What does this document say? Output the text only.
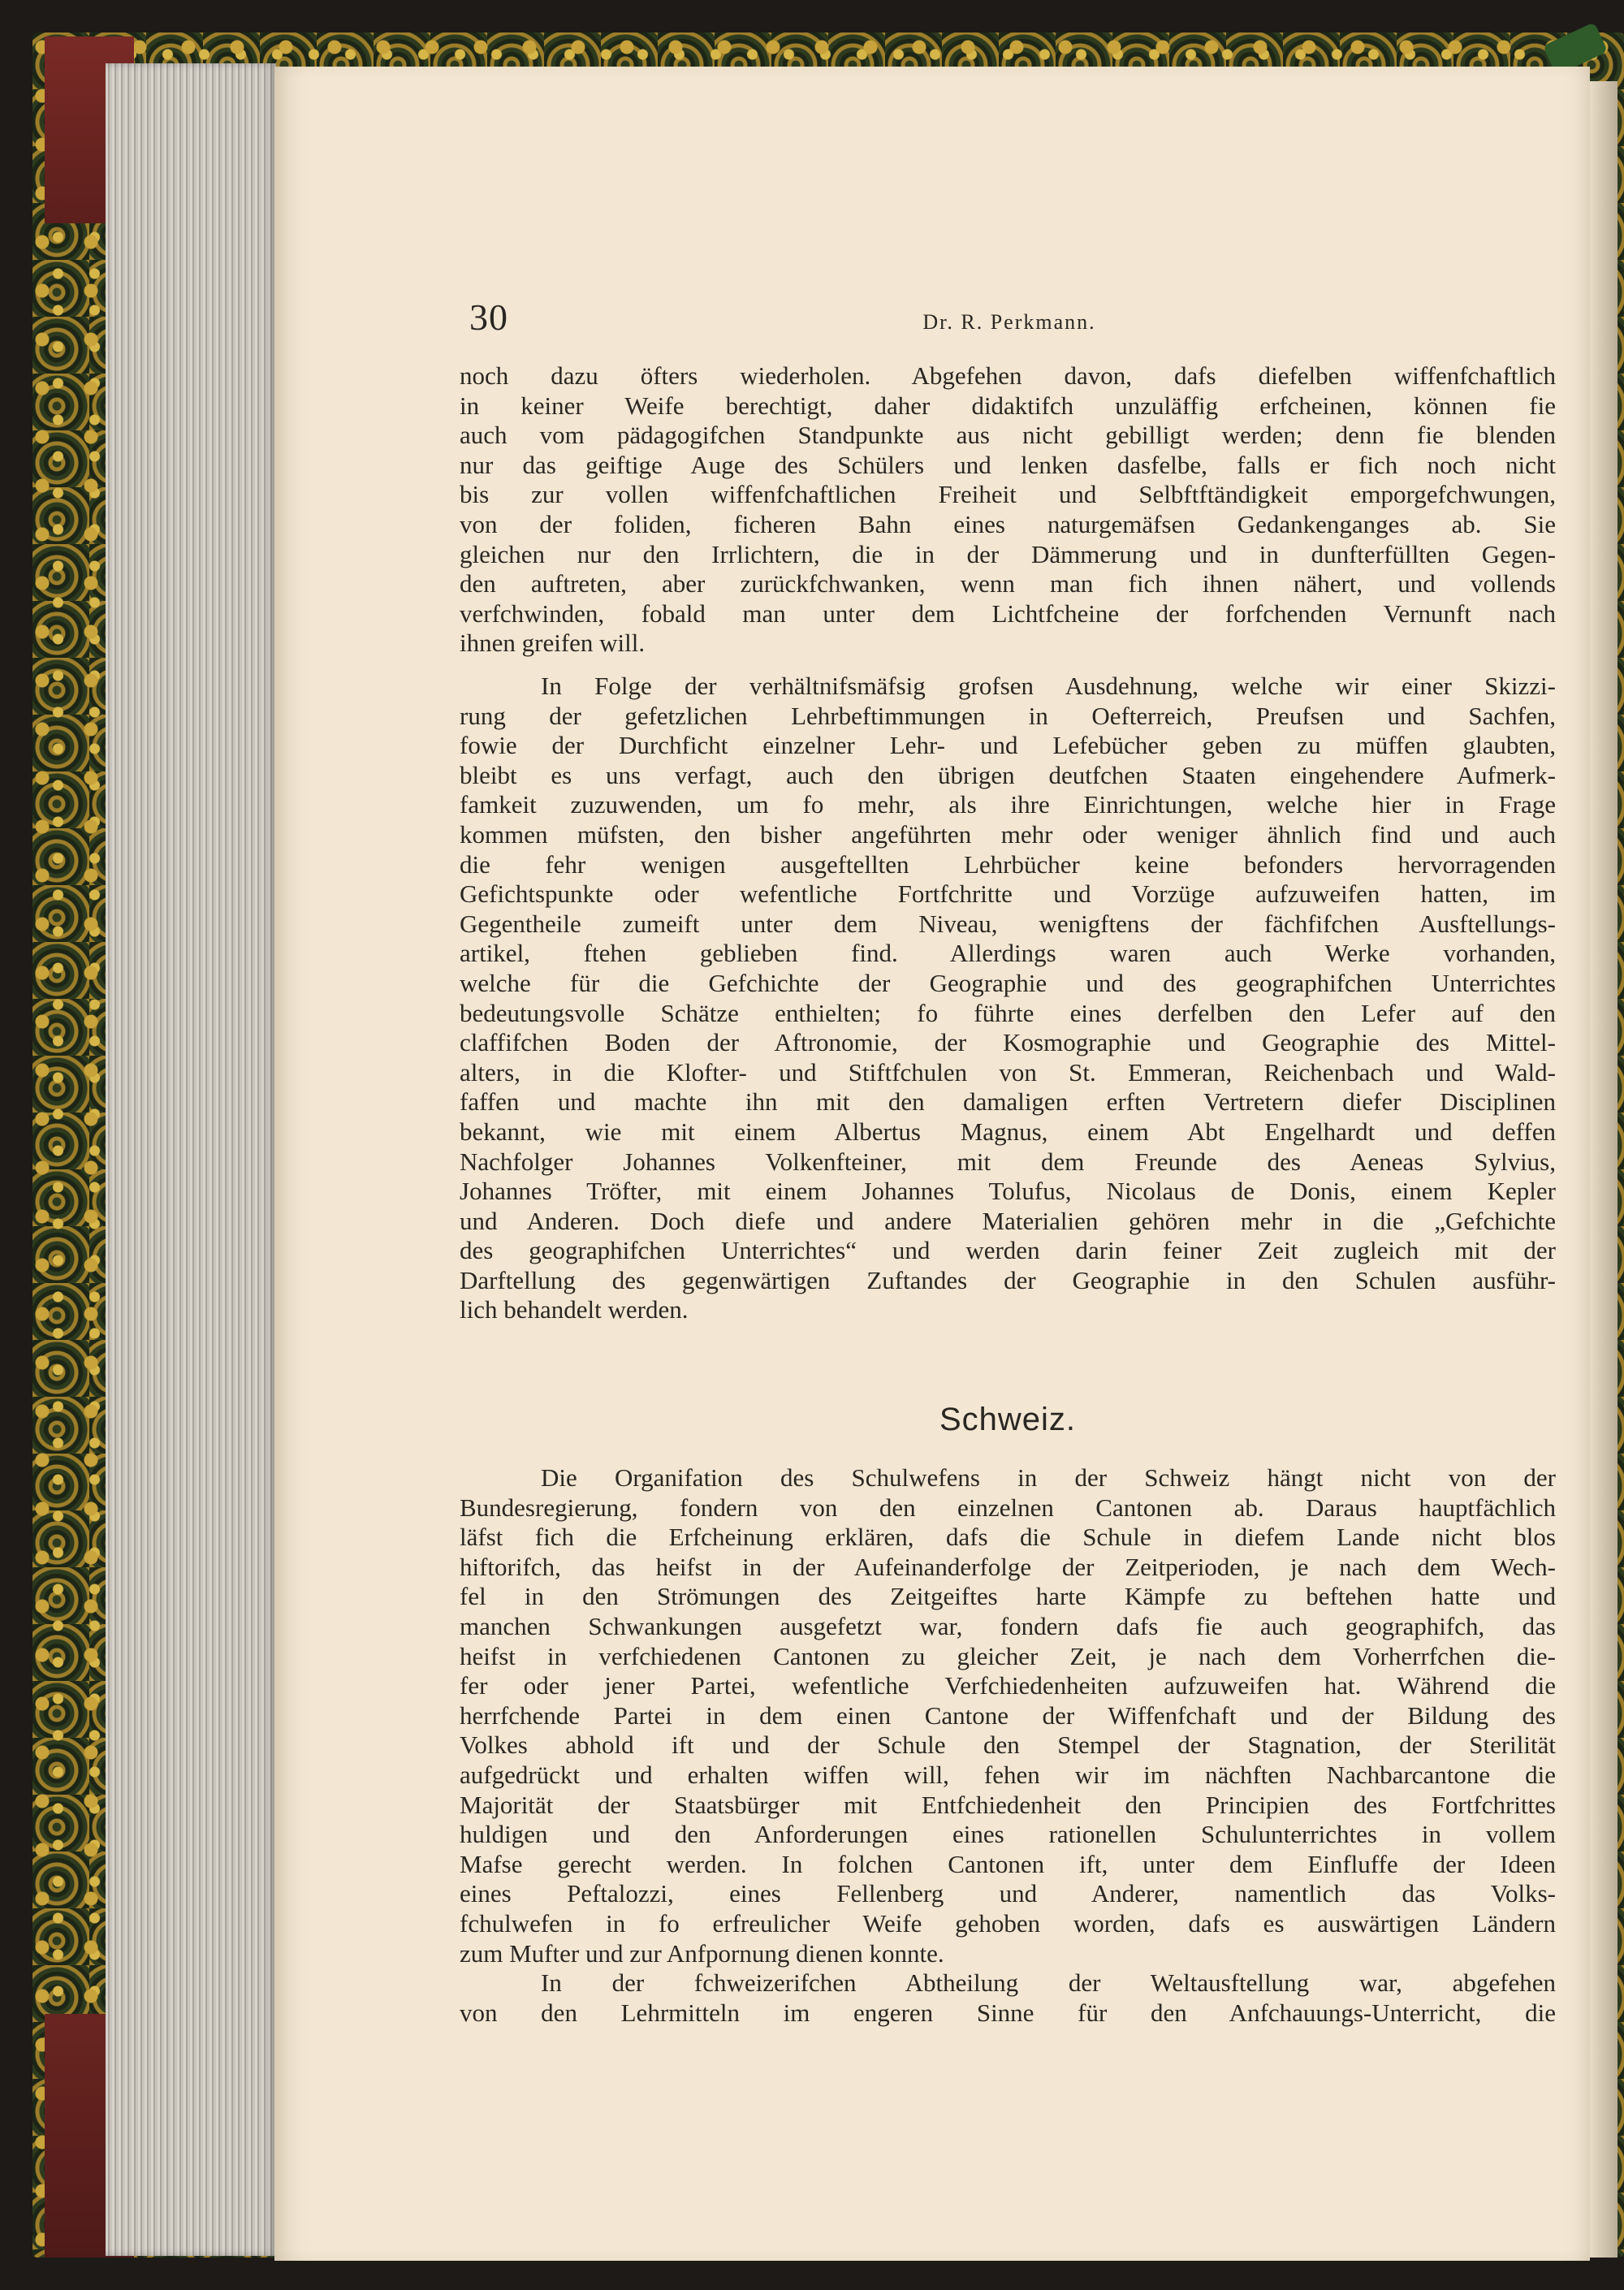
30	Dr. R. Perkmann.
noch dazu öfters wiederholen. Abgefehen davon, dafs diefelben wiffenfchaftlich
in keiner Weife berechtigt, daher didaktifch unzuläffig erfcheinen, können fie
auch vom pädagogifchen Standpunkte aus nicht gebilligt werden; denn fie blenden
nur das geiftige Auge des Schülers und lenken dasfelbe, falls er fich noch nicht
bis zur vollen wiffenfchaftlichen Freiheit und Selbftftändigkeit emporgefchwungen,
von der foliden, ficheren Bahn eines naturgemäfsen Gedankenganges ab. Sie
gleichen nur den Irrlichtern, die in der Dämmerung und in dunfterfüllten Gegen-
den auftreten, aber zurückfchwanken, wenn man fich ihnen nähert, und vollends
verfchwinden, fobald man unter dem Lichtfcheine der forfchenden Vernunft nach
ihnen greifen will.
In Folge der verhältnifsmäfsig grofsen Ausdehnung, welche wir einer Skizzi-
rung der gefetzlichen Lehrbeftimmungen in Oefterreich, Preufsen und Sachfen,
fowie der Durchficht einzelner Lehr- und Lefebücher geben zu müffen glaubten,
bleibt es uns verfagt, auch den übrigen deutfchen Staaten eingehendere Aufmerk-
famkeit zuzuwenden, um fo mehr, als ihre Einrichtungen, welche hier in Frage
kommen müfsten, den bisher angeführten mehr oder weniger ähnlich find und auch
die fehr wenigen ausgeftellten Lehrbücher keine befonders hervorragenden
Gefichtspunkte oder wefentliche Fortfchritte und Vorzüge aufzuweifen hatten, im
Gegentheile zumeift unter dem Niveau, wenigftens der fächfifchen Ausftellungs-
artikel, ftehen geblieben find. Allerdings waren auch Werke vorhanden,
welche für die Gefchichte der Geographie und des geographifchen Unterrichtes
bedeutungsvolle Schätze enthielten; fo führte eines derfelben den Lefer auf den
claffifchen Boden der Aftronomie, der Kosmographie und Geographie des Mittel-
alters, in die Klofter- und Stiftfchulen von St. Emmeran, Reichenbach und Wald-
faffen und machte ihn mit den damaligen erften Vertretern diefer Disciplinen
bekannt, wie mit einem Albertus Magnus, einem Abt Engelhardt und deffen
Nachfolger Johannes Volkenfteiner, mit dem Freunde des Aeneas Sylvius,
Johannes Tröfter, mit einem Johannes Tolufus, Nicolaus de Donis, einem Kepler
und Anderen. Doch diefe und andere Materialien gehören mehr in die „Gefchichte
des geographifchen Unterrichtes“ und werden darin feiner Zeit zugleich mit der
Darftellung des gegenwärtigen Zuftandes der Geographie in den Schulen ausführ-
lich behandelt werden.
Schweiz.
Die Organifation des Schulwefens in der Schweiz hängt nicht von der
Bundesregierung, fondern von den einzelnen Cantonen ab. Daraus hauptfächlich
läfst fich die Erfcheinung erklären, dafs die Schule in diefem Lande nicht blos
hiftorifch, das heifst in der Aufeinanderfolge der Zeitperioden, je nach dem Wech-
fel in den Strömungen des Zeitgeiftes harte Kämpfe zu beftehen hatte und
manchen Schwankungen ausgefetzt war, fondern dafs fie auch geographifch, das
heifst in verfchiedenen Cantonen zu gleicher Zeit, je nach dem Vorherrfchen die-
fer oder jener Partei, wefentliche Verfchiedenheiten aufzuweifen hat. Während die
herrfchende Partei in dem einen Cantone der Wiffenfchaft und der Bildung des
Volkes abhold ift und der Schule den Stempel der Stagnation, der Sterilität
aufgedrückt und erhalten wiffen will, fehen wir im nächften Nachbarcantone die
Majorität der Staatsbürger mit Entfchiedenheit den Principien des Fortfchrittes
huldigen und den Anforderungen eines rationellen Schulunterrichtes in vollem
Mafse gerecht werden. In folchen Cantonen ift, unter dem Einfluffe der Ideen
eines Peftalozzi, eines Fellenberg und Anderer, namentlich das Volks-
fchulwefen in fo erfreulicher Weife gehoben worden, dafs es auswärtigen Ländern
zum Mufter und zur Anfpornung dienen konnte.
In der fchweizerifchen Abtheilung der Weltausftellung war, abgefehen
von den Lehrmitteln im engeren Sinne für den Anfchauungs-Unterricht, die
